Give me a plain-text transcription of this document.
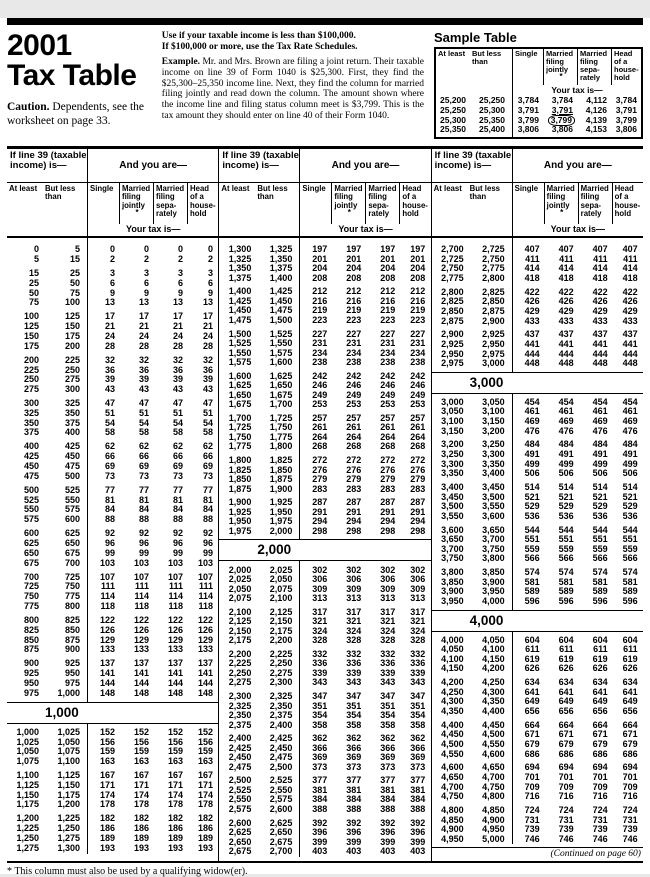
2001
Tax Table

Caution. Dependents, see the worksheet on page 33.

Use if your taxable income is less than $100,000.
If $100,000 or more, use the Tax Rate Schedules.

Example. Mr. and Mrs. Brown are filing a joint return. Their taxable income on line 39 of Form 1040 is $25,300. First, they find the $25,300–25,350 income line. Next, they find the column for married filing jointly and read down the column. The amount shown where the income line and filing status column meet is $3,799. This is the tax amount they should enter on line 40 of their Form 1040.

Sample Table
At least But less than
Single	Married filing jointly
*
Married filing sepa-rately
Head of a house-hold
Your tax is—
25,200	25,250	3,784	3,784	4,112	3,784
25,250	25,300	3,791	3,791	4,126	3,791
25,300	25,350	3,799	3,799	4,139	3,799
25,350	25,400	3,806	3,806	4,153	3,806
If line 39 (taxable income) is—	And you are—
At least	But less than
Single	Married filing jointly
*
Married filing sepa-rately
Head of a house-hold
Your tax is—
0	5	0	0	0	0
5	15	2	2	2	2
15	25	3	3	3	3
25	50	6	6	6	6
50	75	9	9	9	9
75	100	13	13	13	13
100	125	17	17	17	17
125	150	21	21	21	21
150	175	24	24	24	24
175	200	28	28	28	28
200	225	32	32	32	32
225	250	36	36	36	36
250	275	39	39	39	39
275	300	43	43	43	43
300	325	47	47	47	47
325	350	51	51	51	51
350	375	54	54	54	54
375	400	58	58	58	58
400	425	62	62	62	62
425	450	66	66	66	66
450	475	69	69	69	69
475	500	73	73	73	73
500	525	77	77	77	77
525	550	81	81	81	81
550	575	84	84	84	84
575	600	88	88	88	88
600	625	92	92	92	92
625	650	96	96	96	96
650	675	99	99	99	99
675	700	103	103	103	103
700	725	107	107	107	107
725	750	111	111	111	111
750	775	114	114	114	114
775	800	118	118	118	118
800	825	122	122	122	122
825	850	126	126	126	126
850	875	129	129	129	129
875	900	133	133	133	133
900	925	137	137	137	137
925	950	141	141	141	141
950	975	144	144	144	144
975	1,000	148	148	148	148
1,000
1,000	1,025	152	152	152	152
1,025	1,050	156	156	156	156
1,050	1,075	159	159	159	159
1,075	1,100	163	163	163	163
1,100	1,125	167	167	167	167
1,125	1,150	171	171	171	171
1,150	1,175	174	174	174	174
1,175	1,200	178	178	178	178
1,200	1,225	182	182	182	182
1,225	1,250	186	186	186	186
1,250	1,275	189	189	189	189
1,275	1,300	193	193	193	193
If line 39 (taxable income) is—	And you are—
At least	But less than
Single	Married filing jointly
*
Married filing sepa-rately
Head of a house-hold
Your tax is—
1,300	1,325	197	197	197	197
1,325	1,350	201	201	201	201
1,350	1,375	204	204	204	204
1,375	1,400	208	208	208	208
1,400	1,425	212	212	212	212
1,425	1,450	216	216	216	216
1,450	1,475	219	219	219	219
1,475	1,500	223	223	223	223
1,500	1,525	227	227	227	227
1,525	1,550	231	231	231	231
1,550	1,575	234	234	234	234
1,575	1,600	238	238	238	238
1,600	1,625	242	242	242	242
1,625	1,650	246	246	246	246
1,650	1,675	249	249	249	249
1,675	1,700	253	253	253	253
1,700	1,725	257	257	257	257
1,725	1,750	261	261	261	261
1,750	1,775	264	264	264	264
1,775	1,800	268	268	268	268
1,800	1,825	272	272	272	272
1,825	1,850	276	276	276	276
1,850	1,875	279	279	279	279
1,875	1,900	283	283	283	283
1,900	1,925	287	287	287	287
1,925	1,950	291	291	291	291
1,950	1,975	294	294	294	294
1,975	2,000	298	298	298	298
2,000
2,000	2,025	302	302	302	302
2,025	2,050	306	306	306	306
2,050	2,075	309	309	309	309
2,075	2,100	313	313	313	313
2,100	2,125	317	317	317	317
2,125	2,150	321	321	321	321
2,150	2,175	324	324	324	324
2,175	2,200	328	328	328	328
2,200	2,225	332	332	332	332
2,225	2,250	336	336	336	336
2,250	2,275	339	339	339	339
2,275	2,300	343	343	343	343
2,300	2,325	347	347	347	347
2,325	2,350	351	351	351	351
2,350	2,375	354	354	354	354
2,375	2,400	358	358	358	358
2,400	2,425	362	362	362	362
2,425	2,450	366	366	366	366
2,450	2,475	369	369	369	369
2,475	2,500	373	373	373	373
2,500	2,525	377	377	377	377
2,525	2,550	381	381	381	381
2,550	2,575	384	384	384	384
2,575	2,600	388	388	388	388
2,600	2,625	392	392	392	392
2,625	2,650	396	396	396	396
2,650	2,675	399	399	399	399
2,675	2,700	403	403	403	403
If line 39 (taxable income) is—	And you are—
At least	But less than
Single	Married filing jointly
*
Married filing sepa-rately
Head of a house-hold
Your tax is—
2,700	2,725	407	407	407	407
2,725	2,750	411	411	411	411
2,750	2,775	414	414	414	414
2,775	2,800	418	418	418	418
2,800	2,825	422	422	422	422
2,825	2,850	426	426	426	426
2,850	2,875	429	429	429	429
2,875	2,900	433	433	433	433
2,900	2,925	437	437	437	437
2,925	2,950	441	441	441	441
2,950	2,975	444	444	444	444
2,975	3,000	448	448	448	448
3,000
3,000	3,050	454	454	454	454
3,050	3,100	461	461	461	461
3,100	3,150	469	469	469	469
3,150	3,200	476	476	476	476
3,200	3,250	484	484	484	484
3,250	3,300	491	491	491	491
3,300	3,350	499	499	499	499
3,350	3,400	506	506	506	506
3,400	3,450	514	514	514	514
3,450	3,500	521	521	521	521
3,500	3,550	529	529	529	529
3,550	3,600	536	536	536	536
3,600	3,650	544	544	544	544
3,650	3,700	551	551	551	551
3,700	3,750	559	559	559	559
3,750	3,800	566	566	566	566
3,800	3,850	574	574	574	574
3,850	3,900	581	581	581	581
3,900	3,950	589	589	589	589
3,950	4,000	596	596	596	596
4,000
4,000	4,050	604	604	604	604
4,050	4,100	611	611	611	611
4,100	4,150	619	619	619	619
4,150	4,200	626	626	626	626
4,200	4,250	634	634	634	634
4,250	4,300	641	641	641	641
4,300	4,350	649	649	649	649
4,350	4,400	656	656	656	656
4,400	4,450	664	664	664	664
4,450	4,500	671	671	671	671
4,500	4,550	679	679	679	679
4,550	4,600	686	686	686	686
4,600	4,650	694	694	694	694
4,650	4,700	701	701	701	701
4,700	4,750	709	709	709	709
4,750	4,800	716	716	716	716
4,800	4,850	724	724	724	724
4,850	4,900	731	731	731	731
4,900	4,950	739	739	739	739
4,950	5,000	746	746	746	746
(Continued on page 60)
* This column must also be used by a qualifying widow(er).
